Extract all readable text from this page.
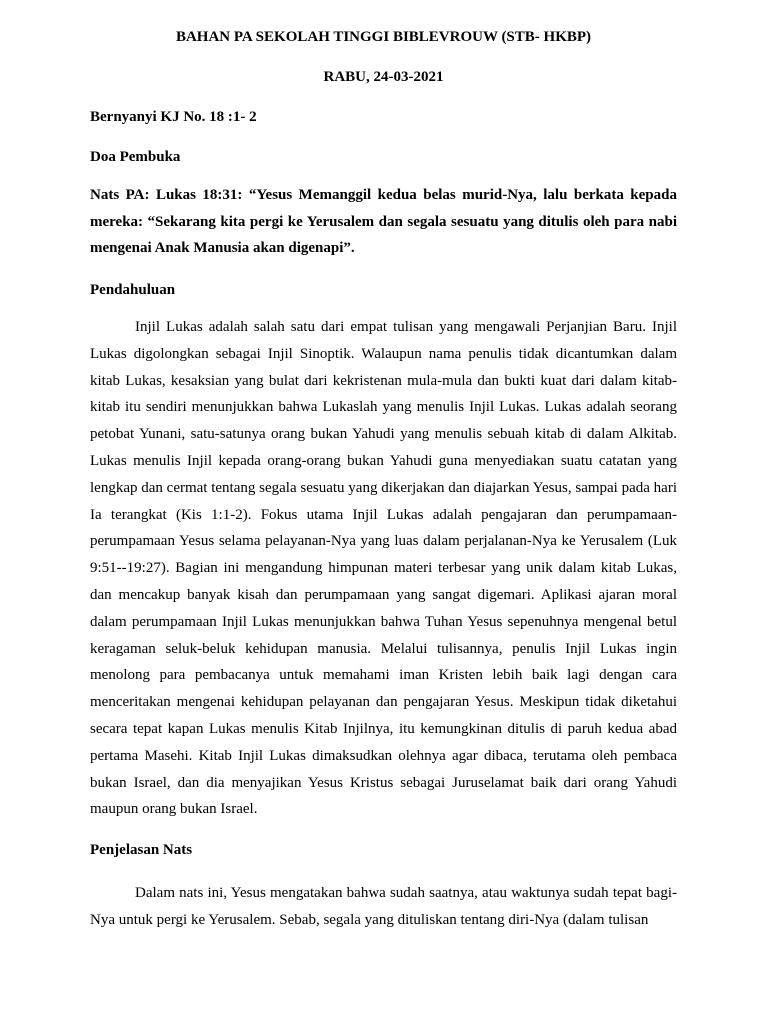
BAHAN PA SEKOLAH TINGGI BIBLEVROUW (STB- HKBP)

RABU, 24-03-2021

Bernyanyi KJ No. 18 :1- 2

Doa Pembuka

Nats PA: Lukas 18:31: “Yesus Memanggil kedua belas murid-Nya, lalu berkata kepada mereka: “Sekarang kita pergi ke Yerusalem dan segala sesuatu yang ditulis oleh para nabi mengenai Anak Manusia akan digenapi”.

Pendahuluan

Injil Lukas adalah salah satu dari empat tulisan yang mengawali Perjanjian Baru. Injil Lukas digolongkan sebagai Injil Sinoptik. Walaupun nama penulis tidak dicantumkan dalam kitab Lukas, kesaksian yang bulat dari kekristenan mula-mula dan bukti kuat dari dalam kitab-kitab itu sendiri menunjukkan bahwa Lukaslah yang menulis Injil Lukas. Lukas adalah seorang petobat Yunani, satu-satunya orang bukan Yahudi yang menulis sebuah kitab di dalam Alkitab. Lukas menulis Injil kepada orang-orang bukan Yahudi guna menyediakan suatu catatan yang lengkap dan cermat tentang segala sesuatu yang dikerjakan dan diajarkan Yesus, sampai pada hari Ia terangkat (Kis 1:1-2). Fokus utama Injil Lukas adalah pengajaran dan perumpamaan-perumpamaan Yesus selama pelayanan-Nya yang luas dalam perjalanan-Nya ke Yerusalem (Luk 9:51--19:27). Bagian ini mengandung himpunan materi terbesar yang unik dalam kitab Lukas, dan mencakup banyak kisah dan perumpamaan yang sangat digemari. Aplikasi ajaran moral dalam perumpamaan Injil Lukas menunjukkan bahwa Tuhan Yesus sepenuhnya mengenal betul keragaman seluk-beluk kehidupan manusia. Melalui tulisannya, penulis Injil Lukas ingin menolong para pembacanya untuk memahami iman Kristen lebih baik lagi dengan cara menceritakan mengenai kehidupan pelayanan dan pengajaran Yesus. Meskipun tidak diketahui secara tepat kapan Lukas menulis Kitab Injilnya, itu kemungkinan ditulis di paruh kedua abad pertama Masehi. Kitab Injil Lukas dimaksudkan olehnya agar dibaca, terutama oleh pembaca bukan Israel, dan dia menyajikan Yesus Kristus sebagai Juruselamat baik dari orang Yahudi maupun orang bukan Israel.

Penjelasan Nats

Dalam nats ini, Yesus mengatakan bahwa sudah saatnya, atau waktunya sudah tepat bagi-Nya untuk pergi ke Yerusalem. Sebab, segala yang dituliskan tentang diri-Nya (dalam tulisan
